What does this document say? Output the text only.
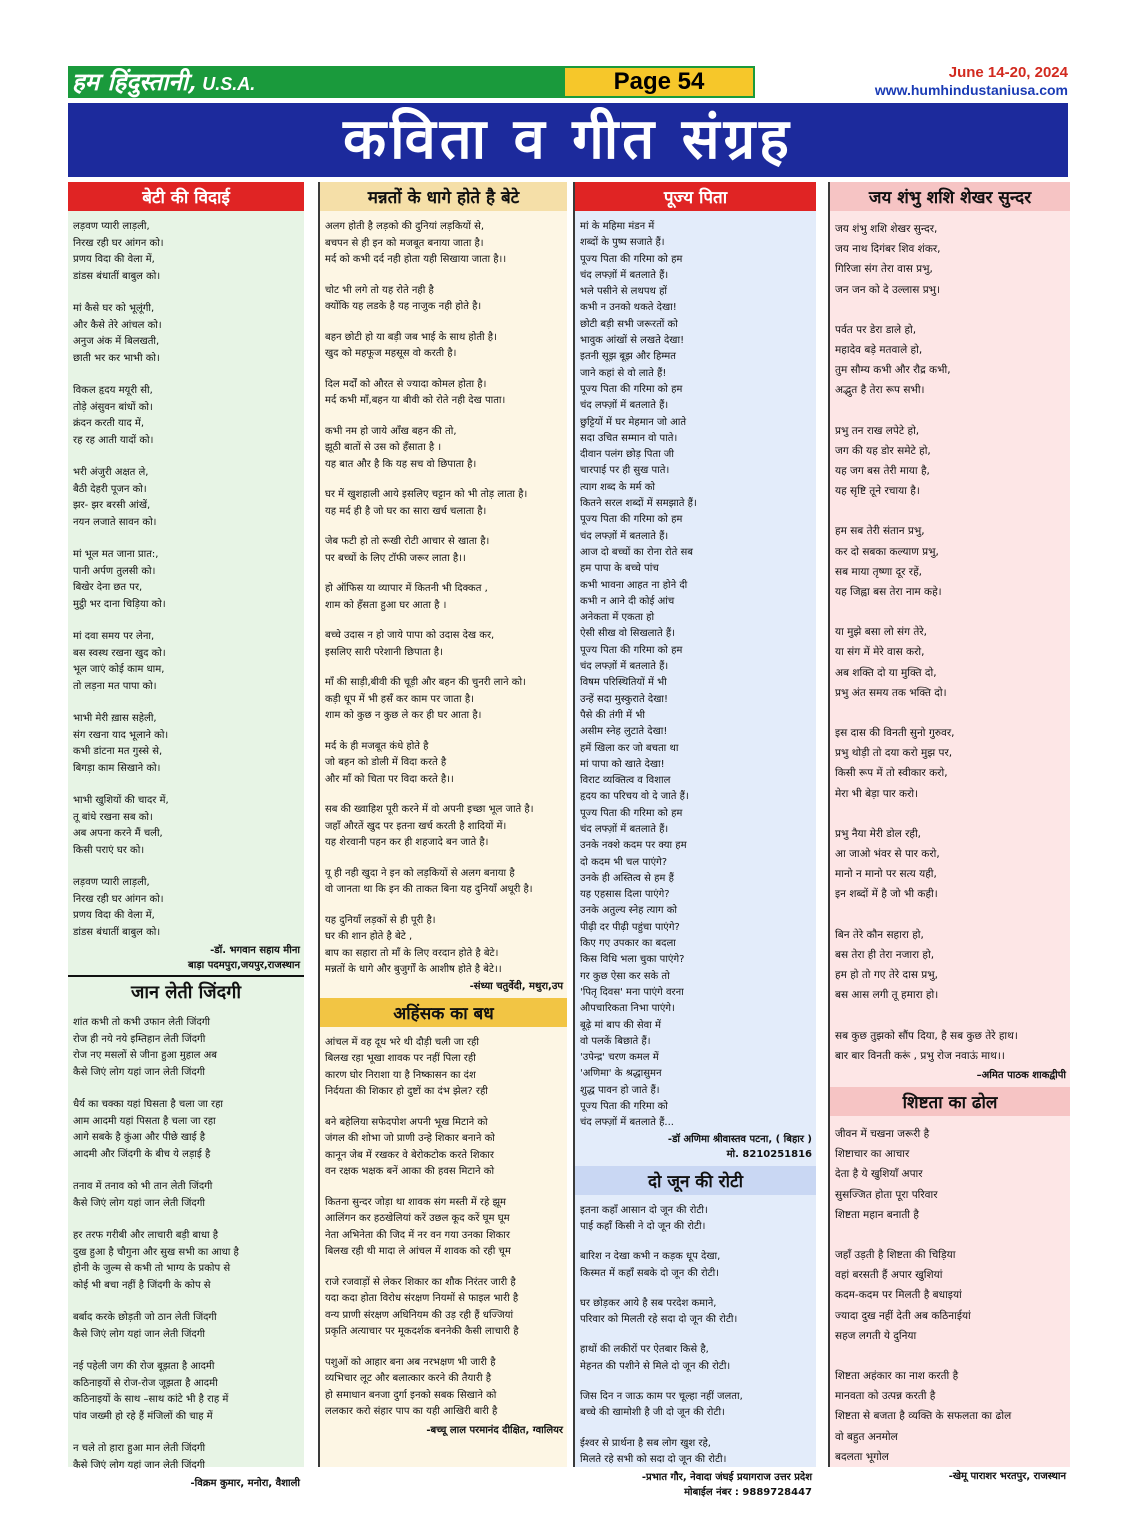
हम हिंदुस्तानी, U.S.A.	Page 54	June 14-20, 2024
www.humhindustaniusa.com
कविता व गीत संग्रह
बेटी की विदाई
लड़वण प्यारी लाड़ली,
निरख रही घर आंगन को।
प्रणय विदा की वेला में,
डांडस बंधातीं बाबुल को।
मां कैसे घर को भूलूंगी,
और कैसे तेरे आंचल को।
अनुज अंक में बिलखती,
छाती भर कर भाभी को।
विकल हृदय मयूरी सी,
तोड़े अंसुवन बांधों को।
क्रंदन करती याद में,
रह रह आती यादों को।
भरी अंजुरी अक्षत ले,
बैठी देहरी पूजन को।
झर- झर बरसी आंखें,
नयन लजाते सावन को।
मां भूल मत जाना प्रात:,
पानी अर्पण तुलसी को।
बिखेर देना छत पर,
मुट्ठी भर दाना चिड़िया को।
मां दवा समय पर लेना,
बस स्वस्थ रखना खुद को।
भूल जाएं कोई काम धाम,
तो लड़ना मत पापा को।
भाभी मेरी ख़ास सहेली,
संग रखना याद भूलाने को।
कभी डांटना मत गुस्से से,
बिगड़ा काम सिखाने को।
भाभी खुशियों की चादर में,
तू बांधे रखना सब को।
अब अपना करने मैं चली,
किसी पराएं घर को।
लड़वण प्यारी लाड़ली,
निरख रही घर आंगन को।
प्रणय विदा की वेला में,
डांडस बंधातीं बाबुल को।
-डॉ. भगवान सहाय मीना
बाड़ा पदमपुरा,जयपुर,राजस्थान
जान लेती जिंदगी
शांत कभी तो कभी उफान लेती जिंदगी
रोज ही नये नये इम्तिहान लेती जिंदगी
रोज नए मसलों से जीना हुआ मुहाल अब
कैसे जिएं लोग यहां जान लेती जिंदगी
धैर्य का चक्का यहां घिसता है चला जा रहा
आम आदमी यहां पिसता है चला जा रहा
आगे सबके है कुंआ और पीछे खाई है
आदमी और जिंदगी के बीच ये लड़ाई है
तनाव में तनाव को भी तान लेती जिंदगी
कैसे जिएं लोग यहां जान लेती जिंदगी
हर तरफ गरीबी और लाचारी बड़ी बाधा है
दुख हुआ है चौगुना और सुख सभी का आधा है
होनी के जुल्म से कभी तो भाग्य के प्रकोप से
कोई भी बचा नहीं है जिंदगी के कोप से
बर्बाद करके छोड़ती जो ठान लेती जिंदगी
कैसे जिएं लोग यहां जान लेती जिंदगी
नई पहेली जग की रोज बूझता है आदमी
कठिनाइयों से रोज-रोज जूझता है आदमी
कठिनाइयों के साथ –साथ कांटे भी है राह में
पांव जख्मी हो रहे हैं मंजिलों की चाह में
न चले तो हारा हुआ मान लेती जिंदगी
कैसे जिएं लोग यहां जान लेती जिंदगी
-विक्रम कुमार, मनोरा, वैशाली
मन्नतों के धागे होते है बेटे
अलग होती है लड़को की दुनियां लड़कियों से,
बचपन से ही इन को मजबूत बनाया जाता है।
मर्द को कभी दर्द नही होता यही सिखाया जाता है।।
चोट भी लगे तो यह रोते नही है
क्योंकि यह लडके है यह नाजुक नही होते है।
बहन छोटी हो या बड़ी जब भाई के साथ होती है।
खुद को महफूज महसूस वो करती है।
दिल मर्दों को औरत से ज्यादा कोमल होता है।
मर्द कभी माँ,बहन या बीवी को रोते नही देख पाता।
कभी नम हो जाये आँख बहन की तो,
झूठी बातों से उस को हँसाता है ।
यह बात और है कि यह सच वो छिपाता है।
घर में खुशहाली आये इसलिए चट्टान को भी तोड़ लाता है।
यह मर्द ही है जो घर का सारा खर्च चलाता है।
जेब फटी हो तो रूखी रोटी आचार से खाता है।
पर बच्चों के लिए टॉफी जरूर लाता है।।
हो ऑफिस या व्यापार में कितनी भी दिक्कत ,
शाम को हँसता हुआ घर आता है ।
बच्चे उदास न हो जाये पापा को उदास देख कर,
इसलिए सारी परेशानी छिपाता है।
माँ की साड़ी,बीवी की चूड़ी और बहन की चुनरी लाने को।
कड़ी धूप में भी हसँ कर काम पर जाता है।
शाम को कुछ न कुछ ले कर ही घर आता है।
मर्द के ही मजबूत कंधे होते है
जो बहन को डोली में विदा करते है
और माँ को चिता पर विदा करते है।।
सब की ख्वाहिश पूरी करने में वो अपनी इच्छा भूल जाते है।
जहाँ औरतें खुद पर इतना खर्च करती है शादियों में।
यह शेरवानी पहन कर ही शहजादे बन जाते है।
यू ही नही खुदा ने इन को लड़कियों से अलग बनाया है
वो जानता था कि इन की ताकत बिना यह दुनियाँ अधूरी है।
यह दुनियाँ लड़कों से ही पूरी है।
घर की शान होते है बेटे ,
बाप का सहारा तो माँ के लिए वरदान होते है बेटे।
मन्नतों के धागे और बुजुर्गों के आशीष होते है बेटे।।
-संध्या चतुर्वेदी, मथुरा,उप
अहिंसक का बध
आंचल में वह दूध भरे थी दौड़ी चली जा रही
बिलख रहा भूखा शावक पर नहीं पिला रही
कारण घोर निराशा या है निष्कासन का दंश
निर्दयता की शिकार हो दुष्टों का दंभ झेल? रही
बने बहेलिया सफेदपोश अपनी भूख मिटाने को
जंगल की शोभा जो प्राणी उन्हे शिकार बनाने को
कानून जेब में रखकर वे बेरोकटोक करते शिकार
वन रक्षक भक्षक बनें आका की हवस मिटाने को
कितना सुन्दर जोड़ा था शावक संग मस्ती में रहे झूम
आलिंगन कर हठखेलियां करें उछल कूद करें घूम घूम
नेता अभिनेता की जिद में नर वन गया उनका शिकार
बिलख रही थी मादा ले आंचल में शावक को रही चूम
राजे रजवाड़ों से लेकर शिकार का शौक निरंतर जारी है
यदा कदा होता विरोध संरक्षण नियमों से फाइल भारी है
वन्य प्राणी संरक्षण अधिनियम की उड़ रही हैं धज्जियां
प्रकृति अत्याचार पर मूकदर्शक बननेकी कैसी लाचारी है
पशुओं को आहार बना अब नरभक्षण भी जारी है
व्यभिचार लूट और बलात्कार करने की तैयारी है
हो समाधान बनजा दुर्गा इनको सबक सिखाने को
ललकार करो संहार पाप का यही आखिरी बारी है
-बच्चू लाल परमानंद दीक्षित, ग्वालियर
पूज्य पिता
मां के महिमा मंडन में
शब्दों के पुष्प सजाते हैं।
पूज्य पिता की गरिमा को हम
चंद लफ्ज़ों में बतलाते हैं।
भले पसीने से लथपथ हों
कभी न उनको थकते देखा!
छोटी बड़ी सभी जरूरतों को
भावुक आंखों से लखते देखा!
इतनी सूझ बूझ और हिम्मत
जाने कहां से वो लाते हैं!
पूज्य पिता की गरिमा को हम
चंद लफ्ज़ों में बतलाते हैं।
छुट्टियों में घर मेहमान जो आते
सदा उचित सम्मान वो पाते।
दीवान पलंग छोड़ पिता जी
चारपाई पर ही सुख पाते।
त्याग शब्द के मर्म को
कितने सरल शब्दों में समझाते हैं।
पूज्य पिता की गरिमा को हम
चंद लफ्ज़ों में बतलाते हैं।
आज दो बच्चों का रोना रोते सब
हम पापा के बच्चे पांच
कभी भावना आहत ना होने दी
कभी न आने दी कोई आंच
अनेकता में एकता हो
ऐसी सीख वो सिखलाते हैं।
पूज्य पिता की गरिमा को हम
चंद लफ्ज़ों में बतलाते हैं।
विषम परिस्थितियों में भी
उन्हें सदा मुस्कुराते देखा!
पैसे की तंगी में भी
असीम स्नेह लुटाते देखा!
हमें खिला कर जो बचता था
मां पापा को खाते देखा!
विराट व्यक्तित्व व विशाल
हृदय का परिचय वो दे जाते हैं।
पूज्य पिता की गरिमा को हम
चंद लफ्ज़ों में बतलाते हैं।
उनके नक्शे कदम पर क्या हम
दो कदम भी चल पाएंगे?
उनके ही अस्तित्व से हम हैं
यह एहसास दिला पाएंगे?
उनके अतुल्य स्नेह त्याग को
पीढ़ी दर पीढ़ी पहुंचा पाएंगे?
किए गए उपकार का बदला
किस विधि भला चुका पाएंगे?
गर कुछ ऐसा कर सके तो
'पितृ दिवस' मना पाएंगे वरना
औपचारिकता निभा पाएंगे।
बूढ़े मां बाप की सेवा में
वो पलकें बिछाते हैं।
'उपेन्द्र' चरण कमल में
'अणिमा' के श्रद्धासुमन
शुद्ध पावन हो जाते हैं।
पूज्य पिता की गरिमा को
चंद लफ्ज़ों में बतलाते हैं...
-डॉ अणिमा श्रीवास्तव पटना, ( बिहार )
मो. 8210251816
दो जून की रोटी
इतना कहाँ आसान दो जून की रोटी।
पाई कहाँ किसी ने दो जून की रोटी।
बारिश न देखा कभी न कड़क धूप देखा,
किस्मत में कहाँ सबके दो जून की रोटी।
घर छोड़कर आये है सब परदेश कमाने,
परिवार को मिलती रहे सदा दो जून की रोटी।
हाथों की लकीरों पर ऐतबार किसे है,
मेहनत की पशीने से मिले दो जून की रोटी।
जिस दिन न जाऊ काम पर चूल्हा नहीं जलता,
बच्चे की खामोशी है जी दो जून की रोटी।
ईश्वर से प्रार्थना है सब लोग खुश रहे,
मिलते रहे सभी को सदा दो जून की रोटी।
-प्रभात गौर, नेवादा जंघई प्रयागराज उत्तर प्रदेश
मोबाईल नंबर : 9889728447
जय शंभु शशि शेखर सुन्दर
जय शंभु शशि शेखर सुन्दर,
जय नाथ दिगंबर शिव शंकर,
गिरिजा संग तेरा वास प्रभु,
जन जन को दे उल्लास प्रभु।
पर्वत पर डेरा डाले हो,
महादेव बड़े मतवाले हो,
तुम सौम्य कभी और रौद्र कभी,
अद्भुत है तेरा रूप सभी।
प्रभु तन राख लपेटे हो,
जग की यह डोर समेटे हो,
यह जग बस तेरी माया है,
यह सृष्टि तूने रचाया है।
हम सब तेरी संतान प्रभु,
कर दो सबका कल्याण प्रभु,
सब माया तृष्णा दूर रहें,
यह जिह्वा बस तेरा नाम कहे।
या मुझे बसा लो संग तेरे,
या संग में मेरे वास करो,
अब शक्ति दो या मुक्ति दो,
प्रभु अंत समय तक भक्ति दो।
इस दास की विनती सुनो गुरुवर,
प्रभु थोड़ी तो दया करो मुझ पर,
किसी रूप में तो स्वीकार करो,
मेरा भी बेड़ा पार करो।
प्रभु नैया मेरी डोल रही,
आ जाओ भंवर से पार करो,
मानो न मानो पर सत्य यही,
इन शब्दों में है जो भी कही।
बिन तेरे कौन सहारा हो,
बस तेरा ही तेरा नजारा हो,
हम हो तो गए तेरे दास प्रभु,
बस आस लगी तू हमारा हो।
सब कुछ तुझको सौंप दिया, है सब कुछ तेरे हाथ।
बार बार विनती करूं , प्रभु रोज नवाऊं माथ।।
–अमित पाठक शाकद्वीपी
शिष्टता का ढोल
जीवन में चखना जरूरी है
शिष्टाचार का आचार
देता है ये खुशियाँ अपार
सुसज्जित होता पूरा परिवार
शिष्टता महान बनाती है
जहाँ उड़ती है शिष्टता की चिड़िया
वहां बरसती हैं अपार खुशियां
कदम-कदम पर मिलती है बधाइयां
ज्यादा दुख नहीं देती अब कठिनाईयां
सहज लगती ये दुनिया
शिष्टता अहंकार का नाश करती है
मानवता को उत्पन्न करती है
शिष्टता से बजता है व्यक्ति के सफलता का ढोल
वो बहुत अनमोल
बदलता भूगोल
-खेमू पाराशर भरतपुर, राजस्थान
